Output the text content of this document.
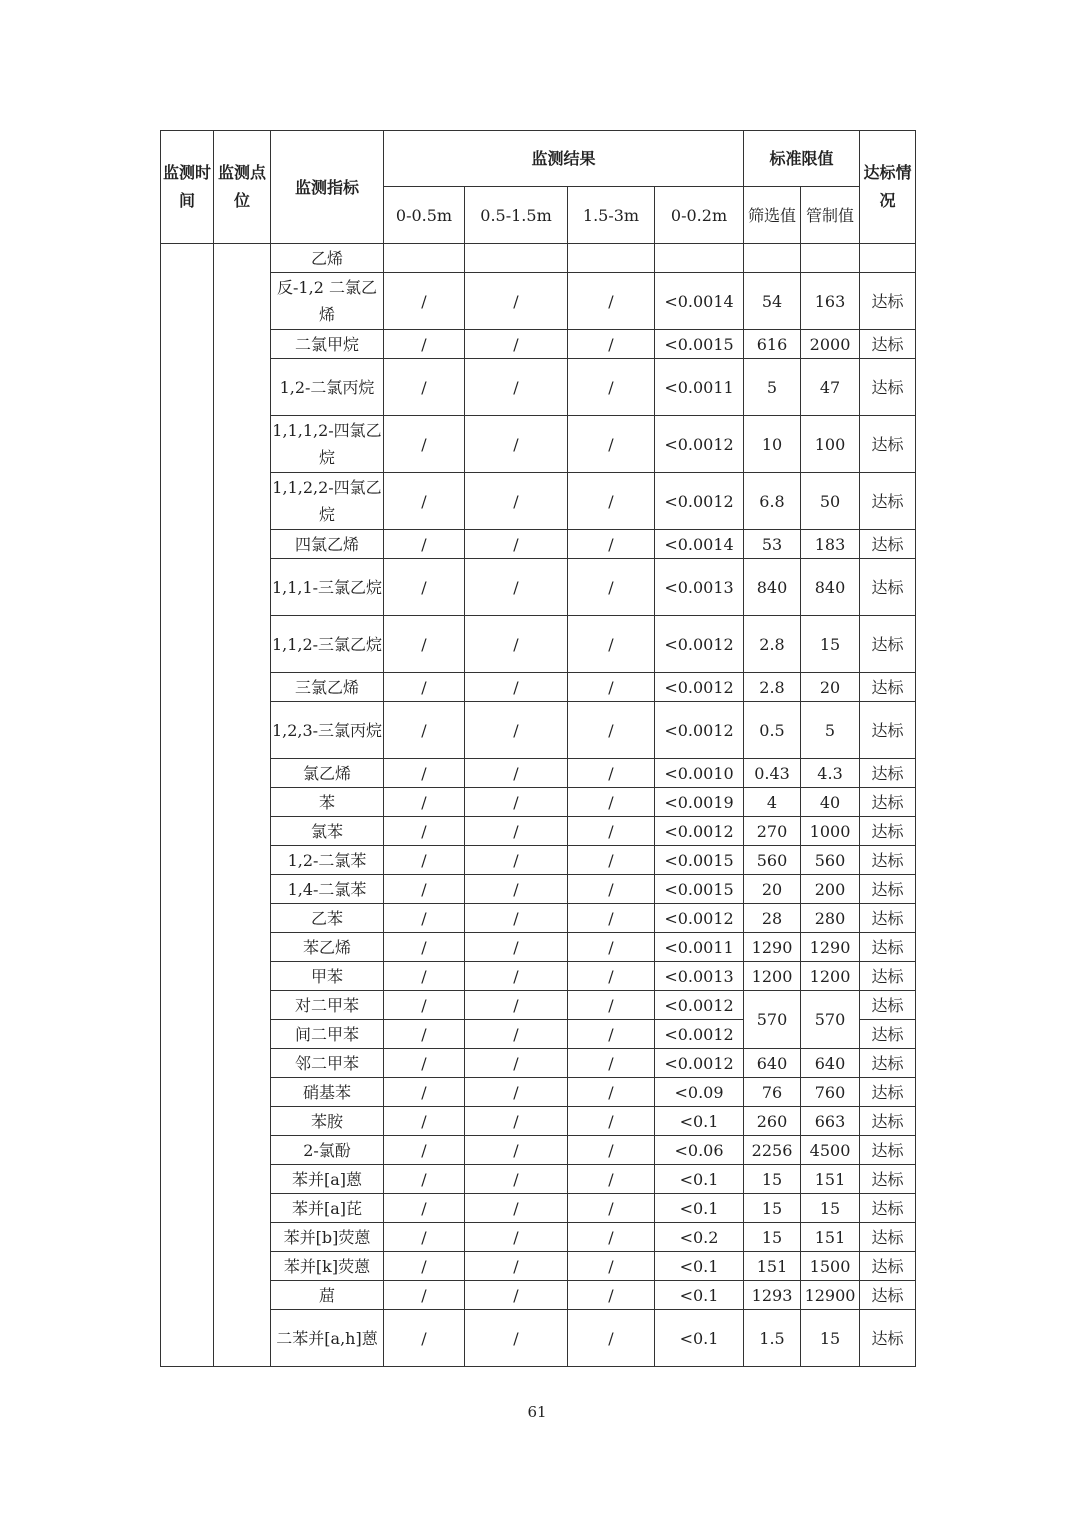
监测时间	监测点位	监测指标	监测结果				标准限值		达标情况
			0-0.5m	0.5-1.5m	1.5-3m	0-0.2m	筛选值	管制值	
		乙烯							
		反-1,2 二氯乙烯	/	/	/	<0.0014	54	163	达标
		二氯甲烷	/	/	/	<0.0015	616	2000	达标
		1,2-二氯丙烷	/	/	/	<0.0011	5	47	达标
		1,1,1,2-四氯乙烷	/	/	/	<0.0012	10	100	达标
		1,1,2,2-四氯乙烷	/	/	/	<0.0012	6.8	50	达标
		四氯乙烯	/	/	/	<0.0014	53	183	达标
		1,1,1-三氯乙烷	/	/	/	<0.0013	840	840	达标
		1,1,2-三氯乙烷	/	/	/	<0.0012	2.8	15	达标
		三氯乙烯	/	/	/	<0.0012	2.8	20	达标
		1,2,3-三氯丙烷	/	/	/	<0.0012	0.5	5	达标
		氯乙烯	/	/	/	<0.0010	0.43	4.3	达标
		苯	/	/	/	<0.0019	4	40	达标
		氯苯	/	/	/	<0.0012	270	1000	达标
		1,2-二氯苯	/	/	/	<0.0015	560	560	达标
		1,4-二氯苯	/	/	/	<0.0015	20	200	达标
		乙苯	/	/	/	<0.0012	28	280	达标
		苯乙烯	/	/	/	<0.0011	1290	1290	达标
		甲苯	/	/	/	<0.0013	1200	1200	达标
		对二甲苯	/	/	/	<0.0012	570	570	达标
		间二甲苯	/	/	/	<0.0012			达标
		邻二甲苯	/	/	/	<0.0012	640	640	达标
		硝基苯	/	/	/	<0.09	76	760	达标
		苯胺	/	/	/	<0.1	260	663	达标
		2-氯酚	/	/	/	<0.06	2256	4500	达标
		苯并[a]蒽	/	/	/	<0.1	15	151	达标
		苯并[a]芘	/	/	/	<0.1	15	15	达标
		苯并[b]荧蒽	/	/	/	<0.2	15	151	达标
		苯并[k]荧蒽	/	/	/	<0.1	151	1500	达标
		䓛	/	/	/	<0.1	1293	12900	达标
		二苯并[a,h]蒽	/	/	/	<0.1	1.5	15	达标
61
